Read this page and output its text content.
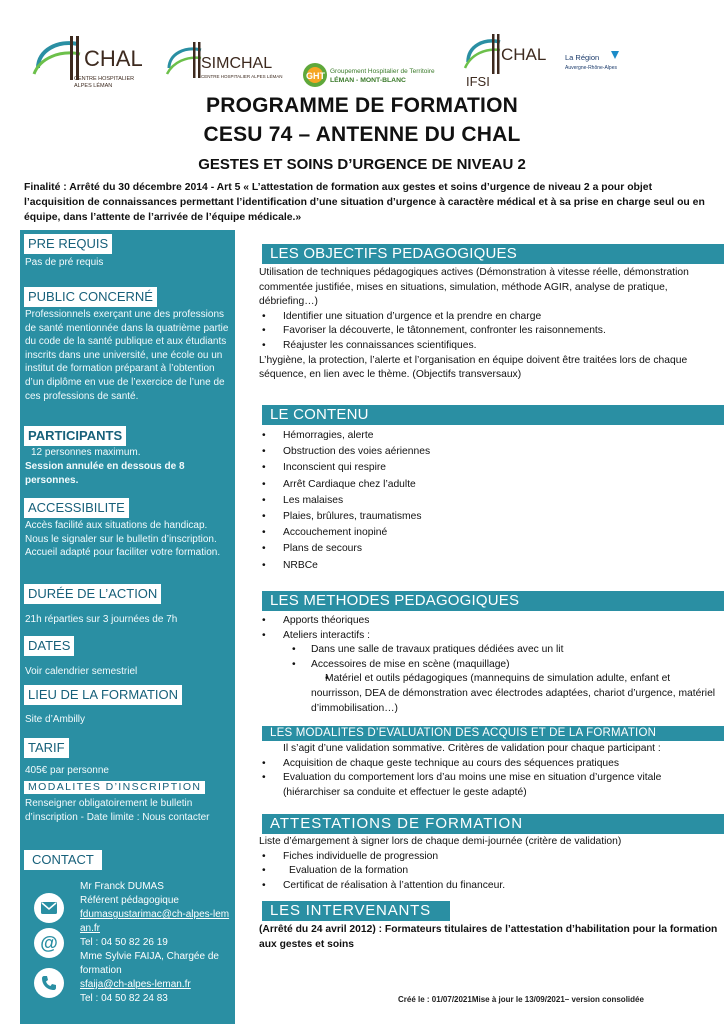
CHAL
CENTRE HOSPITALIER
ALPES LÉMAN
SIMCHAL
CENTRE HOSPITALIER ALPES LÉMAN	GHT Groupement Hospitalier de Territoire
LÉMAN - MONT-BLANC
CHAL
IFSI
La Région
Auvergne-Rhône-Alpes
PROGRAMME DE FORMATION
CESU 74 – ANTENNE DU CHAL
GESTES ET SOINS D’URGENCE DE NIVEAU 2
Finalité : Arrêté du 30 décembre 2014 - Art 5 « L’attestation de formation aux gestes et soins d’urgence de niveau 2 a pour objet l’acquisition de connaissances permettant l’identification d’une situation d’urgence à caractère médical et à sa prise en charge seul ou en équipe, dans l’attente de l’arrivée de l’équipe médicale.»
PRE REQUIS
Pas de pré requis
PUBLIC CONCERNÉ
Professionnels exerçant une des professions de santé mentionnée dans la quatrième partie du code de la santé publique et aux étudiants inscrits dans une université, une école ou un institut de formation préparant à l’obtention d’un diplôme en vue de l’exercice de l’une de ces professions de santé.
PARTICIPANTS
12 personnes maximum.
Session annulée en dessous de 8 personnes.
ACCESSIBILITE
Accès facilité aux situations de handicap. Nous le signaler sur le bulletin d’inscription. Accueil adapté pour faciliter votre formation.
DURÉE DE L’ACTION
21h réparties sur 3 journées de 7h
DATES
Voir calendrier semestriel
LIEU DE LA FORMATION
Site d’Ambilly
TARIF
405€ par personne
MODALITES D’INSCRIPTION
Renseigner obligatoirement le bulletin d’inscription - Date limite : Nous contacter
CONTACT
@
Mr Franck DUMAS
Référent pédagogique
fdumasgustarimac@ch-alpes-leman.fr
Tel : 04 50 82 26 19
Mme Sylvie FAIJA, Chargée de formation
sfaija@ch-alpes-leman.fr
Tel : 04 50 82 24 83
LES OBJECTIFS PEDAGOGIQUES
Utilisation de techniques pédagogiques actives (Démonstration à vitesse réelle, démonstration commentée justifiée, mises en situations, simulation, méthode AGIR, analyse de pratique, débriefing…)
• Identifier une situation d’urgence et la prendre en charge
• Favoriser la découverte, le tâtonnement, confronter les raisonnements.
• Réajuster les connaissances scientifiques.
L’hygiène, la protection, l’alerte et l’organisation en équipe doivent être traitées lors de chaque séquence, en lien avec le thème. (Objectifs transversaux)
LE CONTENU
• Hémorragies, alerte
• Obstruction des voies aériennes
• Inconscient qui respire
• Arrêt Cardiaque chez l’adulte
• Les malaises
• Plaies, brûlures, traumatismes
• Accouchement inopiné
• Plans de secours
• NRBCe
LES METHODES PEDAGOGIQUES
• Apports théoriques
• Ateliers interactifs :
• Dans une salle de travaux pratiques dédiées avec un lit
• Accessoires de mise en scène (maquillage)
• Matériel et outils pédagogiques (mannequins de simulation adulte, enfant et nourrisson, DEA de démonstration avec électrodes adaptées, chariot d’urgence, matériel d’immobilisation…)
LES MODALITES D’EVALUATION DES ACQUIS ET DE LA FORMATION
Il s’agit d’une validation sommative. Critères de validation pour chaque participant :
• Acquisition de chaque geste technique au cours des séquences pratiques
• Evaluation du comportement lors d’au moins une mise en situation d’urgence vitale (hiérarchiser sa conduite et effectuer le geste adapté)
ATTESTATIONS DE FORMATION
Liste d’émargement à signer lors de chaque demi-journée (critère de validation)
• Fiches individuelle de progression
• Evaluation de la formation
• Certificat de réalisation à l’attention du financeur.
LES INTERVENANTS
(Arrêté du 24 avril 2012) : Formateurs titulaires de l’attestation d’habilitation pour la formation aux gestes et soins
Créé le : 01/07/2021Mise à jour le 13/09/2021– version consolidée
